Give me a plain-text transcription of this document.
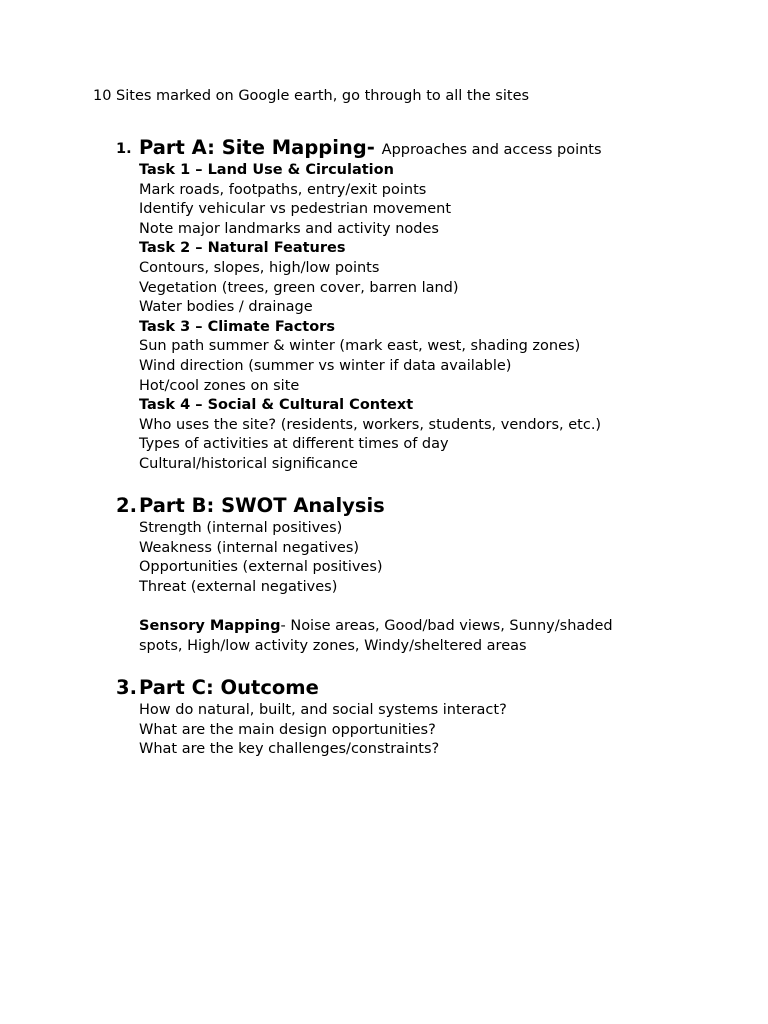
10 Sites marked on Google earth, go through to all the sites
1. Part A: Site Mapping- Approaches and access points
Task 1 – Land Use & Circulation
Mark roads, footpaths, entry/exit points
Identify vehicular vs pedestrian movement
Note major landmarks and activity nodes
Task 2 – Natural Features
Contours, slopes, high/low points
Vegetation (trees, green cover, barren land)
Water bodies / drainage
Task 3 – Climate Factors
Sun path summer & winter (mark east, west, shading zones)
Wind direction (summer vs winter if data available)
Hot/cool zones on site
Task 4 – Social & Cultural Context
Who uses the site? (residents, workers, students, vendors, etc.)
Types of activities at different times of day
Cultural/historical significance
2. Part B: SWOT Analysis
Strength (internal positives)
Weakness (internal negatives)
Opportunities (external positives)
Threat (external negatives)
Sensory Mapping- Noise areas, Good/bad views, Sunny/shaded spots, High/low activity zones, Windy/sheltered areas
3. Part C: Outcome
How do natural, built, and social systems interact?
What are the main design opportunities?
What are the key challenges/constraints?
